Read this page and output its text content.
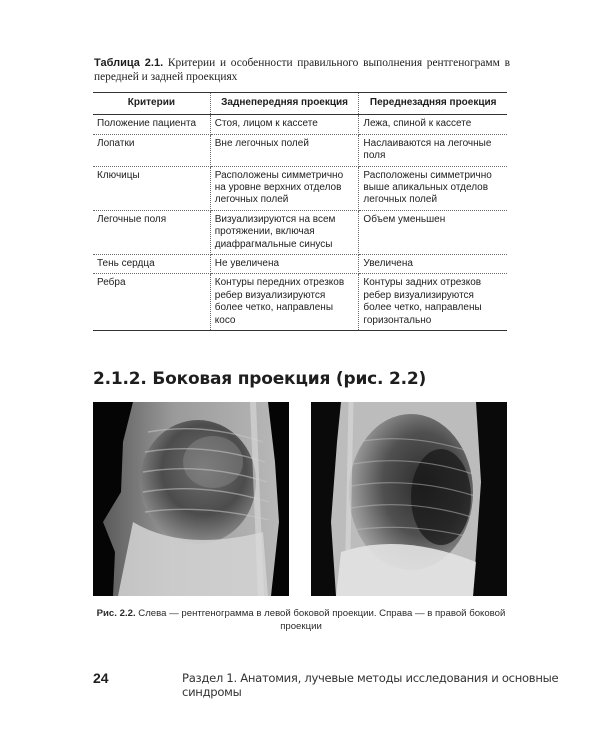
Таблица 2.1. Критерии и особенности правильного выполнения рентгенограмм в передней и задней проекциях
Критерии	Заднепередняя проекция	Переднезадняя проекция
Положение пациента	Стоя, лицом к кассете	Лежа, спиной к кассете
Лопатки	Вне легочных полей	Наслаиваются на легочные поля
Ключицы	Расположены симметрично на уровне верхних отделов легочных полей	Расположены симметрично выше апикальных отделов легочных полей
Легочные поля	Визуализируются на всем протяжении, включая диафрагмальные синусы	Объем уменьшен
Тень сердца	Не увеличена	Увеличена
Ребра	Контуры передних отрезков ребер визуализируются более четко, направлены косо	Контуры задних отрезков ребер визуализируются более четко, направлены горизонтально
2.1.2. Боковая проекция (рис. 2.2)
Рис. 2.2. Слева — рентгенограмма в левой боковой проекции. Справа — в правой боковой проекции
24	Раздел 1. Анатомия, лучевые методы исследования и основные синдромы
